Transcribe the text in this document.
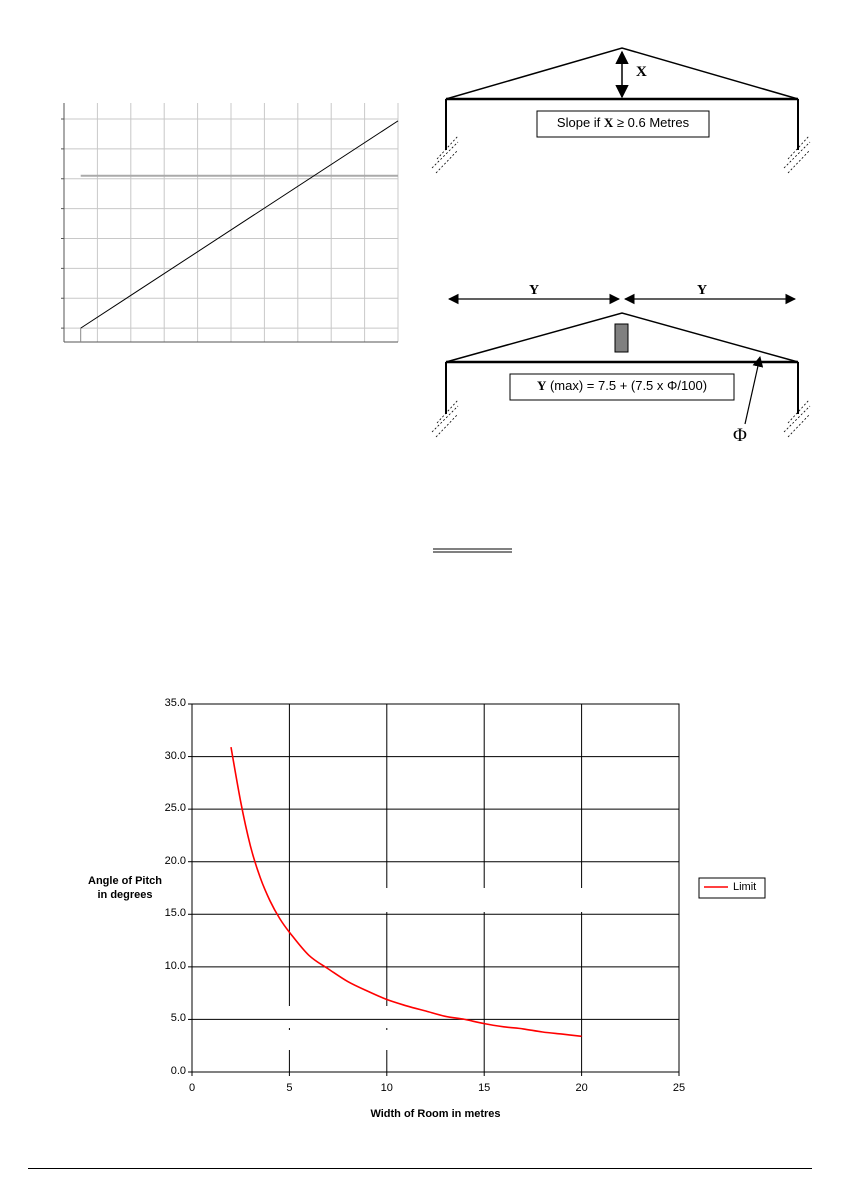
X
Slope if X ≥ 0.6 Metres
Y	Y
Y (max) = 7.5 + (7.5 x Φ/100)
Φ
Limit
Angle of Pitch
in degrees
Width of Room in metres
0.0
5.0
10.0
15.0
20.0
25.0
30.0
35.0
0	5	10	15	20	25
